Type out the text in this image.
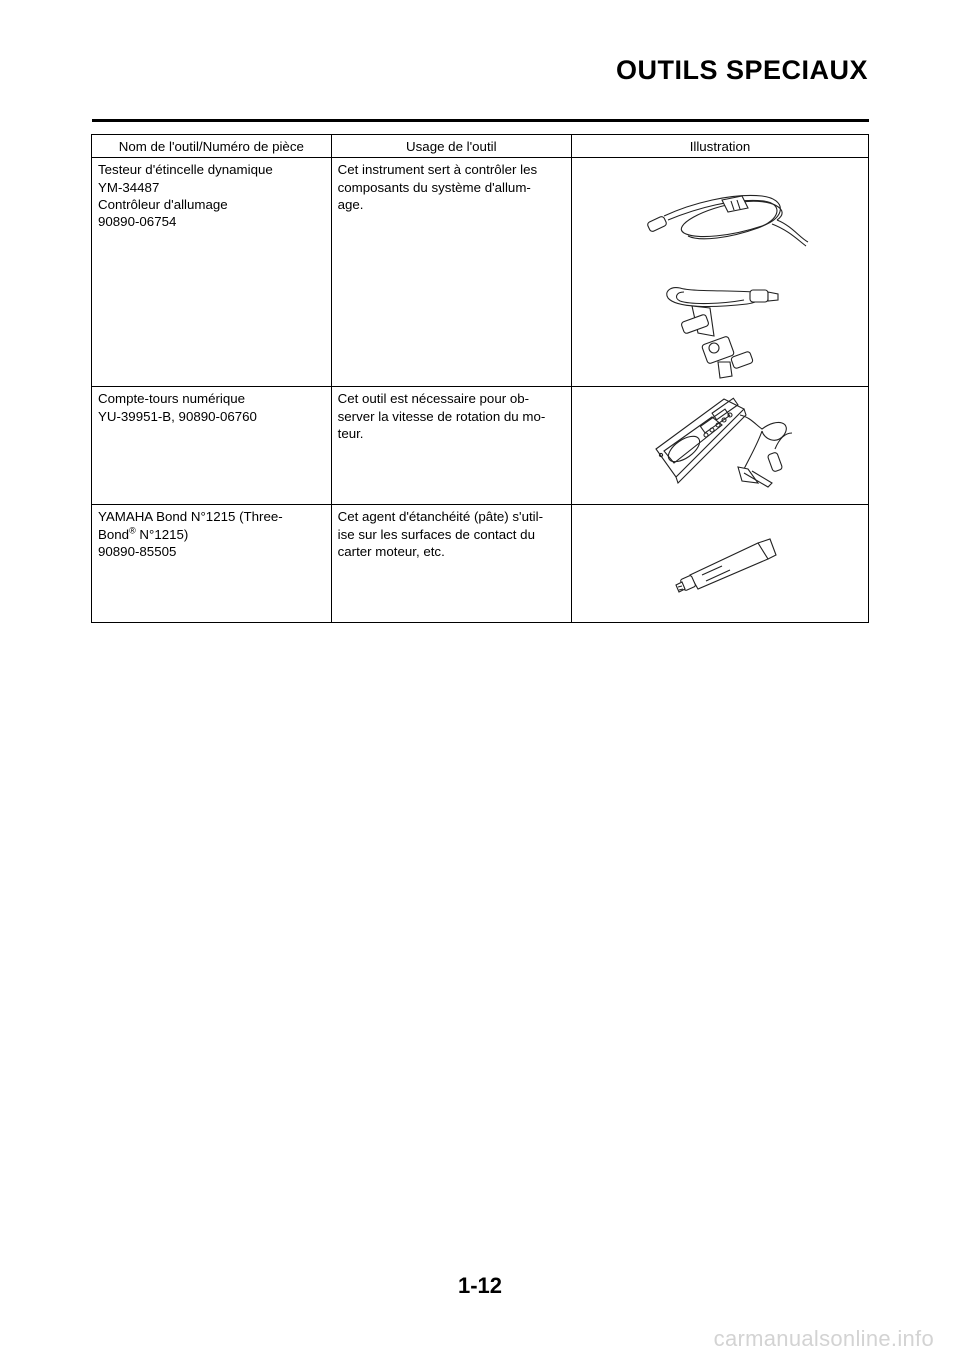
OUTILS SPECIAUX
Nom de l'outil/Numéro de pièce	Usage de l'outil	Illustration

Testeur d'étincelle dynamique
YM-34487
Contrôleur d'allumage
90890-06754	Cet instrument sert à contrôler les
composants du système d'allum-
age.

Compte-tours numérique
YU-39951-B, 90890-06760	Cet outil est nécessaire pour ob-
server la vitesse de rotation du mo-
teur.

YAMAHA Bond N°1215 (Three-
Bond® N°1215)
90890-85505	Cet agent d'étanchéité (pâte) s'util-
ise sur les surfaces de contact du
carter moteur, etc.

1-12
carmanualsonline.info
